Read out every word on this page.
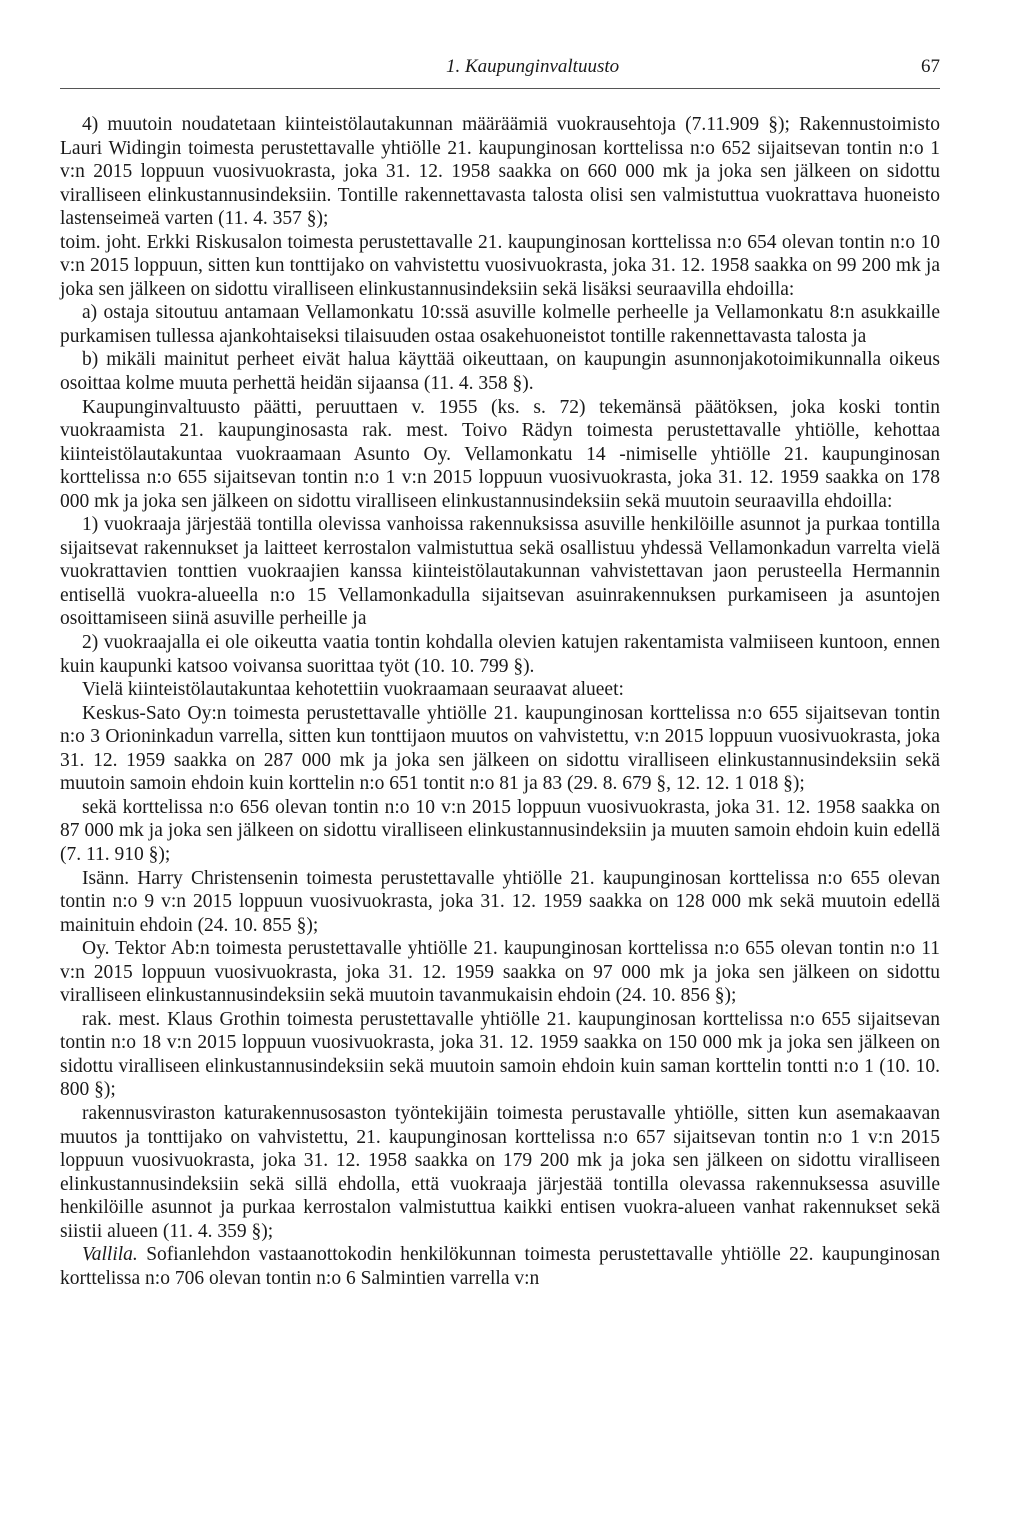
1. Kaupunginvaltuusto	67

4) muutoin noudatetaan kiinteistölautakunnan määräämiä vuokrausehtoja (7.11.909 §); Rakennustoimisto Lauri Widingin toimesta perustettavalle yhtiölle 21. kaupunginosan korttelissa n:o 652 sijaitsevan tontin n:o 1 v:n 2015 loppuun vuosivuokrasta, joka 31. 12. 1958 saakka on 660 000 mk ja joka sen jälkeen on sidottu viralliseen elinkustannusindeksiin. Tontille rakennettavasta talosta olisi sen valmistuttua vuokrattava huoneisto lastenseimeä varten (11. 4. 357 §);

toim. joht. Erkki Riskusalon toimesta perustettavalle 21. kaupunginosan korttelissa n:o 654 olevan tontin n:o 10 v:n 2015 loppuun, sitten kun tonttijako on vahvistettu vuosivuokrasta, joka 31. 12. 1958 saakka on 99 200 mk ja joka sen jälkeen on sidottu viralliseen elinkustannusindeksiin sekä lisäksi seuraavilla ehdoilla:

a) ostaja sitoutuu antamaan Vellamonkatu 10:ssä asuville kolmelle perheelle ja Vellamonkatu 8:n asukkaille purkamisen tullessa ajankohtaiseksi tilaisuuden ostaa osakehuoneistot tontille rakennettavasta talosta ja

b) mikäli mainitut perheet eivät halua käyttää oikeuttaan, on kaupungin asunnonjakotoimikunnalla oikeus osoittaa kolme muuta perhettä heidän sijaansa (11. 4. 358 §).

Kaupunginvaltuusto päätti, peruuttaen v. 1955 (ks. s. 72) tekemänsä päätöksen, joka koski tontin vuokraamista 21. kaupunginosasta rak. mest. Toivo Rädyn toimesta perustettavalle yhtiölle, kehottaa kiinteistölautakuntaa vuokraamaan Asunto Oy. Vellamonkatu 14 -nimiselle yhtiölle 21. kaupunginosan korttelissa n:o 655 sijaitsevan tontin n:o 1 v:n 2015 loppuun vuosivuokrasta, joka 31. 12. 1959 saakka on 178 000 mk ja joka sen jälkeen on sidottu viralliseen elinkustannusindeksiin sekä muutoin seuraavilla ehdoilla:

1) vuokraaja järjestää tontilla olevissa vanhoissa rakennuksissa asuville henkilöille asunnot ja purkaa tontilla sijaitsevat rakennukset ja laitteet kerrostalon valmistuttua sekä osallistuu yhdessä Vellamonkadun varrelta vielä vuokrattavien tonttien vuokraajien kanssa kiinteistölautakunnan vahvistettavan jaon perusteella Hermannin entisellä vuokra-alueella n:o 15 Vellamonkadulla sijaitsevan asuinrakennuksen purkamiseen ja asuntojen osoittamiseen siinä asuville perheille ja

2) vuokraajalla ei ole oikeutta vaatia tontin kohdalla olevien katujen rakentamista valmiiseen kuntoon, ennen kuin kaupunki katsoo voivansa suorittaa työt (10. 10. 799 §).

Vielä kiinteistölautakuntaa kehotettiin vuokraamaan seuraavat alueet:

Keskus-Sato Oy:n toimesta perustettavalle yhtiölle 21. kaupunginosan korttelissa n:o 655 sijaitsevan tontin n:o 3 Orioninkadun varrella, sitten kun tonttijaon muutos on vahvistettu, v:n 2015 loppuun vuosivuokrasta, joka 31. 12. 1959 saakka on 287 000 mk ja joka sen jälkeen on sidottu viralliseen elinkustannusindeksiin sekä muutoin samoin ehdoin kuin korttelin n:o 651 tontit n:o 81 ja 83 (29. 8. 679 §, 12. 12. 1 018 §);

sekä korttelissa n:o 656 olevan tontin n:o 10 v:n 2015 loppuun vuosivuokrasta, joka 31. 12. 1958 saakka on 87 000 mk ja joka sen jälkeen on sidottu viralliseen elinkustannusindeksiin ja muuten samoin ehdoin kuin edellä (7. 11. 910 §);

Isänn. Harry Christensenin toimesta perustettavalle yhtiölle 21. kaupunginosan korttelissa n:o 655 olevan tontin n:o 9 v:n 2015 loppuun vuosivuokrasta, joka 31. 12. 1959 saakka on 128 000 mk sekä muutoin edellä mainituin ehdoin (24. 10. 855 §);

Oy. Tektor Ab:n toimesta perustettavalle yhtiölle 21. kaupunginosan korttelissa n:o 655 olevan tontin n:o 11 v:n 2015 loppuun vuosivuokrasta, joka 31. 12. 1959 saakka on 97 000 mk ja joka sen jälkeen on sidottu viralliseen elinkustannusindeksiin sekä muutoin tavanmukaisin ehdoin (24. 10. 856 §);

rak. mest. Klaus Grothin toimesta perustettavalle yhtiölle 21. kaupunginosan korttelissa n:o 655 sijaitsevan tontin n:o 18 v:n 2015 loppuun vuosivuokrasta, joka 31. 12. 1959 saakka on 150 000 mk ja joka sen jälkeen on sidottu viralliseen elinkustannusindeksiin sekä muutoin samoin ehdoin kuin saman korttelin tontti n:o 1 (10. 10. 800 §);

rakennusviraston katurakennusosaston työntekijäin toimesta perustavalle yhtiölle, sitten kun asemakaavan muutos ja tonttijako on vahvistettu, 21. kaupunginosan korttelissa n:o 657 sijaitsevan tontin n:o 1 v:n 2015 loppuun vuosivuokrasta, joka 31. 12. 1958 saakka on 179 200 mk ja joka sen jälkeen on sidottu viralliseen elinkustannusindeksiin sekä sillä ehdolla, että vuokraaja järjestää tontilla olevassa rakennuksessa asuville henkilöille asunnot ja purkaa kerrostalon valmistuttua kaikki entisen vuokra-alueen vanhat rakennukset sekä siistii alueen (11. 4. 359 §);

Vallila. Sofianlehdon vastaanottokodin henkilökunnan toimesta perustettavalle yhtiölle 22. kaupunginosan korttelissa n:o 706 olevan tontin n:o 6 Salmintien varrella v:n
